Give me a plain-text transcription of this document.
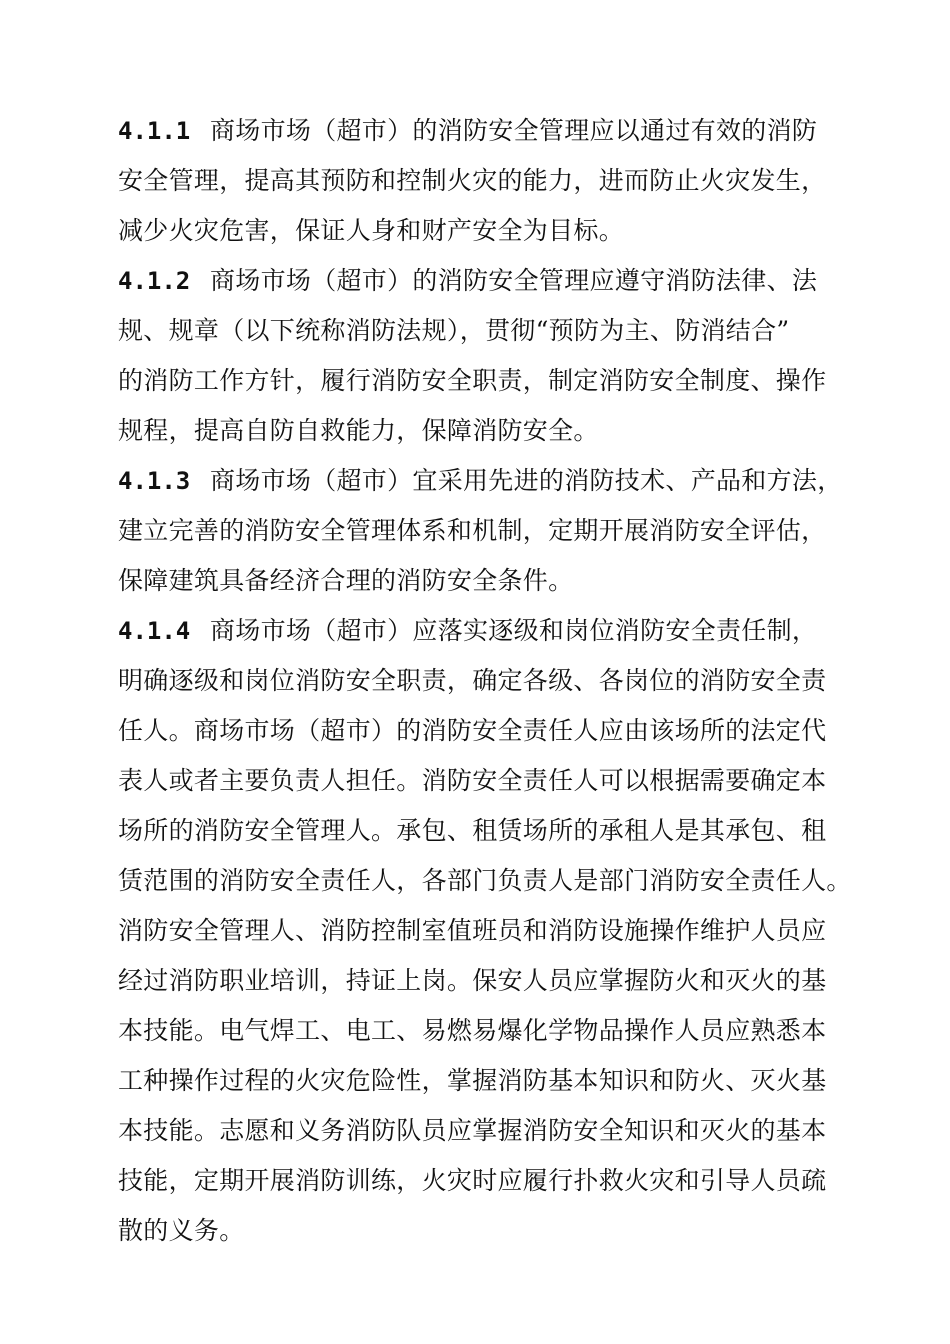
4.1.1 商场市场（超市）的消防安全管理应以通过有效的消防
安全管理，提高其预防和控制火灾的能力，进而防止火灾发生，
减少火灾危害，保证人身和财产安全为目标。
4.1.2 商场市场（超市）的消防安全管理应遵守消防法律、法
规、规章（以下统称消防法规），贯彻“预防为主、防消结合”
的消防工作方针，履行消防安全职责，制定消防安全制度、操作
规程，提高自防自救能力，保障消防安全。
4.1.3 商场市场（超市）宜采用先进的消防技术、产品和方法，
建立完善的消防安全管理体系和机制，定期开展消防安全评估，
保障建筑具备经济合理的消防安全条件。
4.1.4 商场市场（超市）应落实逐级和岗位消防安全责任制，
明确逐级和岗位消防安全职责，确定各级、各岗位的消防安全责
任人。商场市场（超市）的消防安全责任人应由该场所的法定代
表人或者主要负责人担任。消防安全责任人可以根据需要确定本
场所的消防安全管理人。承包、租赁场所的承租人是其承包、租
赁范围的消防安全责任人，各部门负责人是部门消防安全责任人。
消防安全管理人、消防控制室值班员和消防设施操作维护人员应
经过消防职业培训，持证上岗。保安人员应掌握防火和灭火的基
本技能。电气焊工、电工、易燃易爆化学物品操作人员应熟悉本
工种操作过程的火灾危险性，掌握消防基本知识和防火、灭火基
本技能。志愿和义务消防队员应掌握消防安全知识和灭火的基本
技能，定期开展消防训练，火灾时应履行扑救火灾和引导人员疏
散的义务。
